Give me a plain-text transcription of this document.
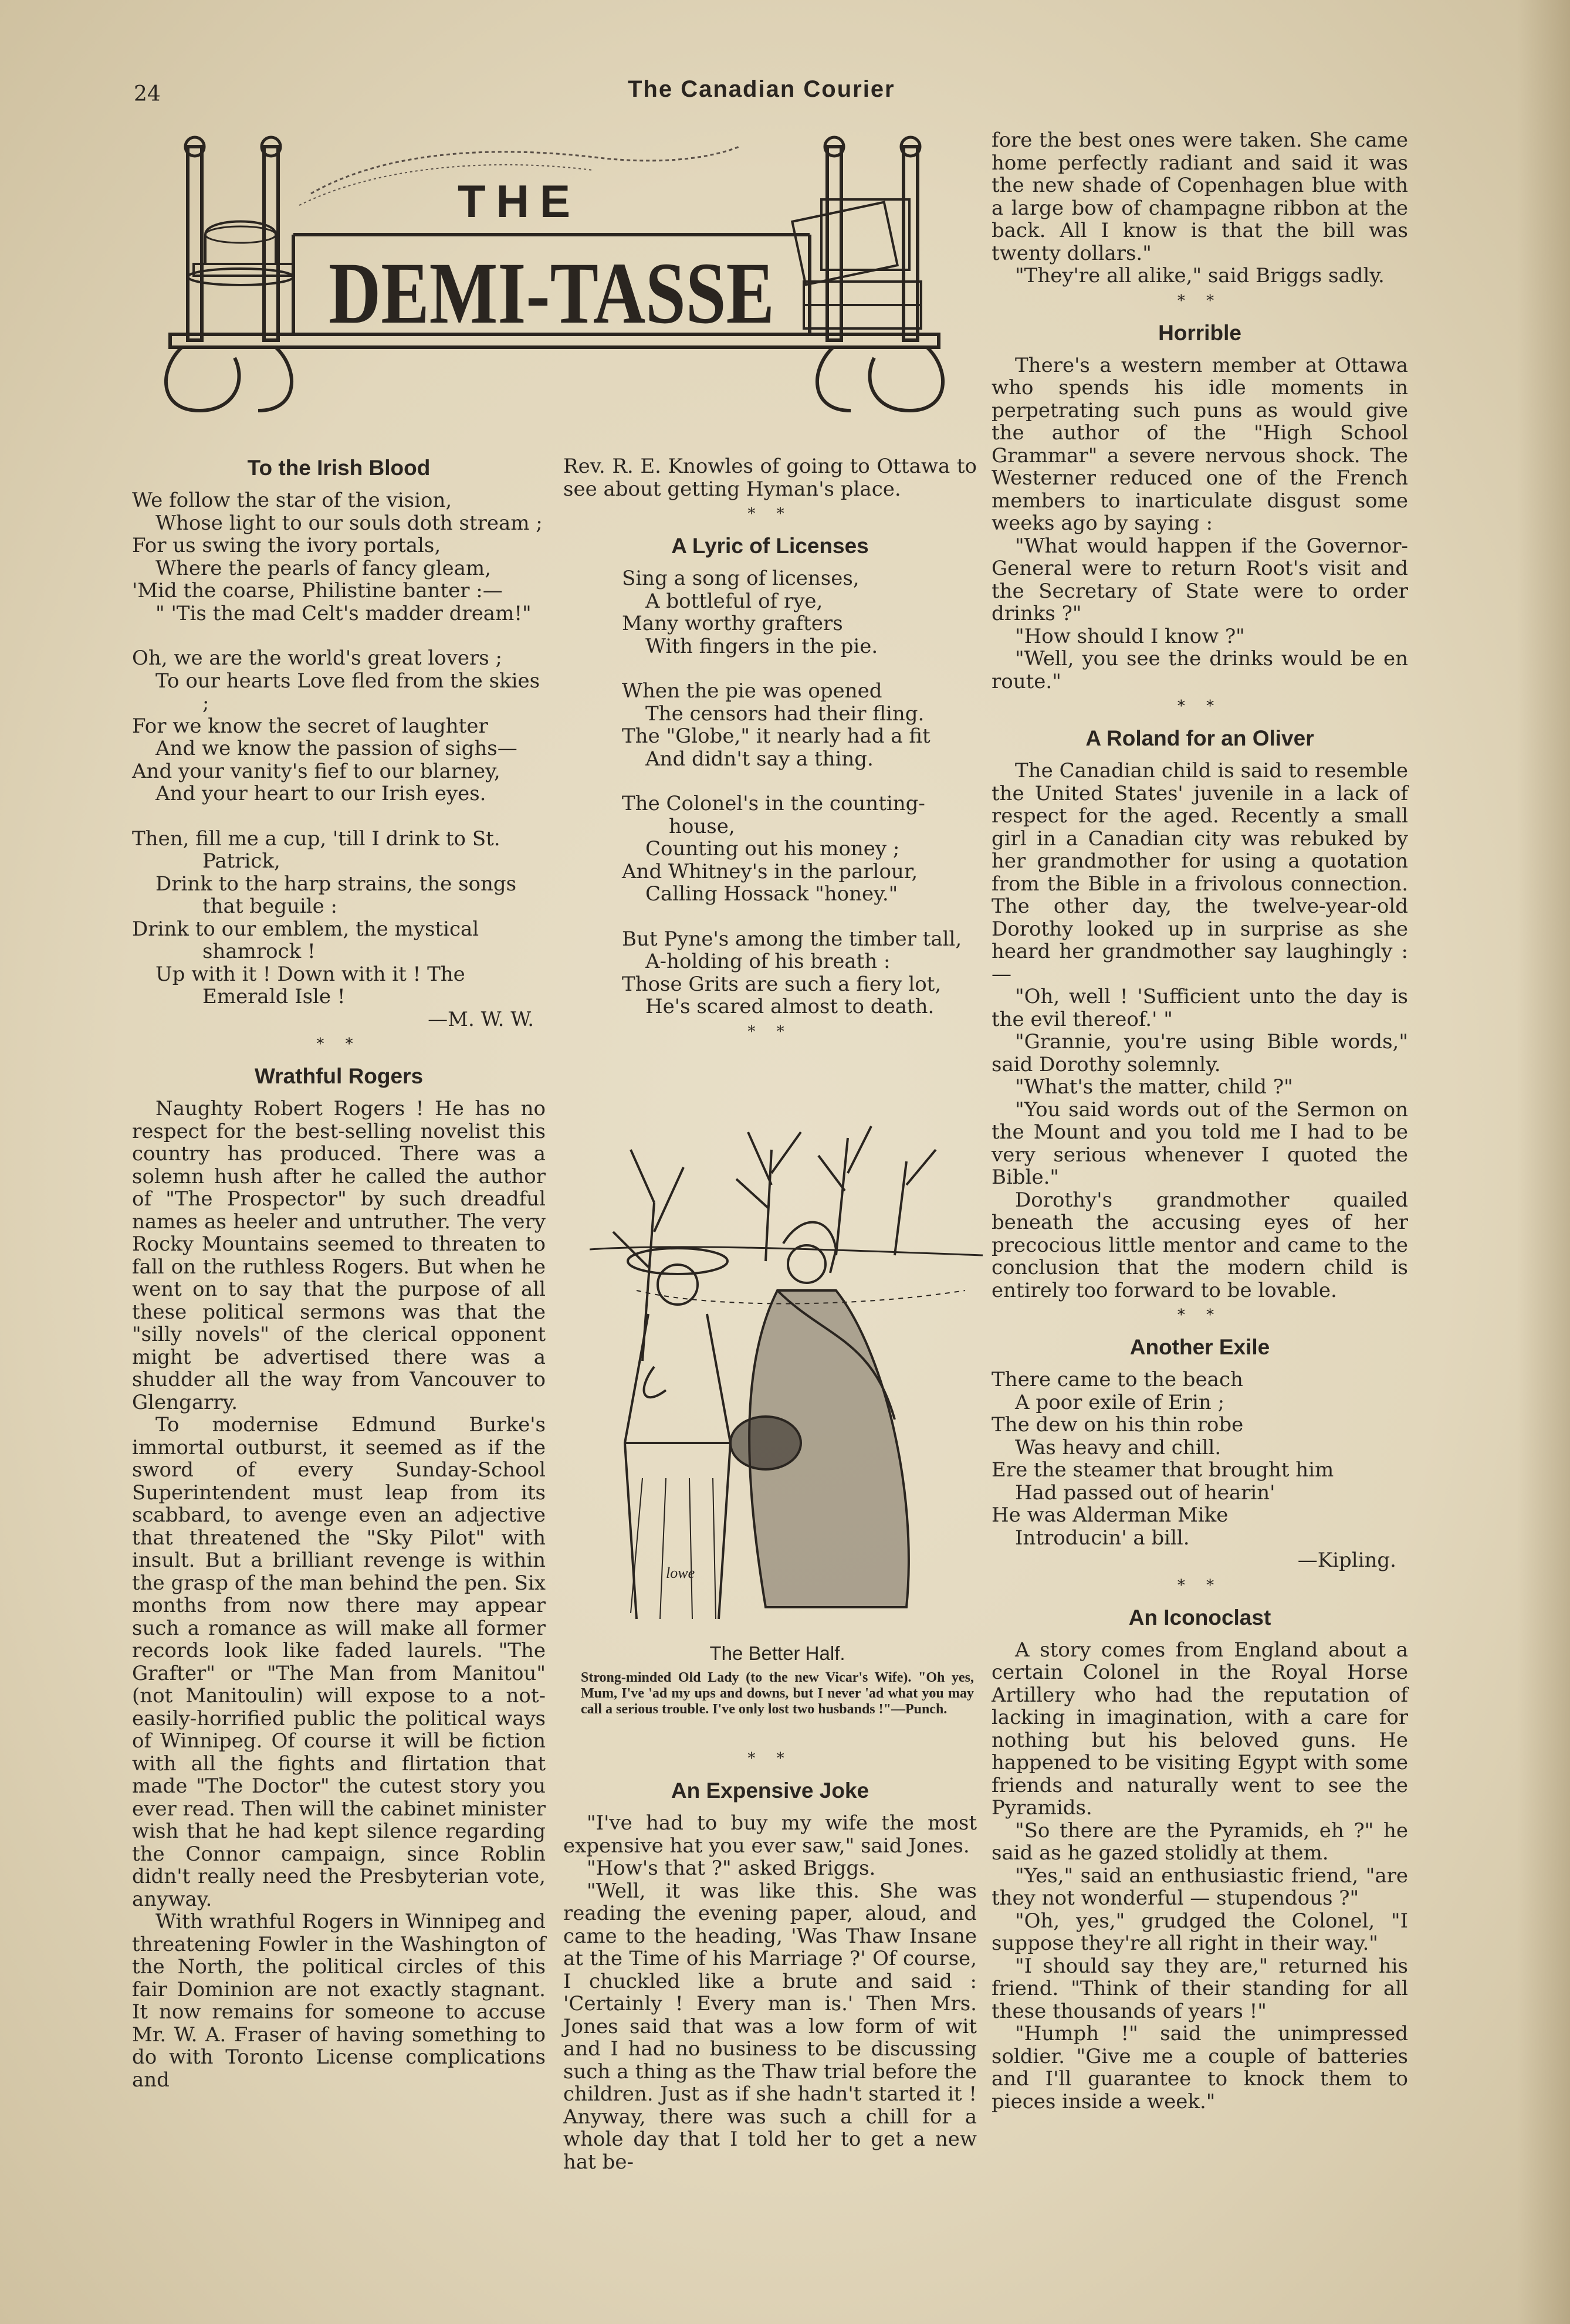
24	The Canadian Courier
THE
DEMI-TASSE
To the Irish Blood
We follow the star of the vision,
Whose light to our souls doth stream ;
For us swing the ivory portals,
Where the pearls of fancy gleam,
'Mid the coarse, Philistine banter :—
" 'Tis the mad Celt's madder dream!"
Oh, we are the world's great lovers ;
To our hearts Love fled from the skies ;
For we know the secret of laughter
And we know the passion of sighs—
And your vanity's fief to our blarney,
And your heart to our Irish eyes.
Then, fill me a cup, 'till I drink to St. Patrick,
Drink to the harp strains, the songs that beguile :
Drink to our emblem, the mystical shamrock !
Up with it ! Down with it ! The Emerald Isle !
—M. W. W.
* *
Wrathful Rogers

Naughty Robert Rogers ! He has no respect for the best-selling novelist this country has produced. There was a solemn hush after he called the author of "The Prospector" by such dreadful names as heeler and untruther. The very Rocky Mountains seemed to threaten to fall on the ruthless Rogers. But when he went on to say that the purpose of all these political sermons was that the "silly novels" of the clerical opponent might be advertised there was a shudder all the way from Vancouver to Glengarry.

To modernise Edmund Burke's immortal outburst, it seemed as if the sword of every Sunday-School Superintendent must leap from its scabbard, to avenge even an adjective that threatened the "Sky Pilot" with insult. But a brilliant revenge is within the grasp of the man behind the pen. Six months from now there may appear such a romance as will make all former records look like faded laurels. "The Grafter" or "The Man from Manitou" (not Manitoulin) will expose to a not-easily-horrified public the political ways of Winnipeg. Of course it will be fiction with all the fights and flirtation that made "The Doctor" the cutest story you ever read. Then will the cabinet minister wish that he had kept silence regarding the Connor campaign, since Roblin didn't really need the Presbyterian vote, anyway.

With wrathful Rogers in Winnipeg and threatening Fowler in the Washington of the North, the political circles of this fair Dominion are not exactly stagnant. It now remains for someone to accuse Mr. W. A. Fraser of having something to do with Toronto License complications and

Rev. R. E. Knowles of going to Ottawa to see about getting Hyman's place.

* *
A Lyric of Licenses
Sing a song of licenses,
A bottleful of rye,
Many worthy grafters
With fingers in the pie.
When the pie was opened
The censors had their fling.
The "Globe," it nearly had a fit
And didn't say a thing.
The Colonel's in the counting-house,
Counting out his money ;
And Whitney's in the parlour,
Calling Hossack "honey."
But Pyne's among the timber tall,
A-holding of his breath :
Those Grits are such a fiery lot,
He's scared almost to death.
* *
lowe
The Better Half.
Strong-minded Old Lady (to the new Vicar's Wife). "Oh yes, Mum, I've 'ad my ups and downs, but I never 'ad what you may call a serious trouble. I've only lost two husbands !"—Punch.
* *
An Expensive Joke

"I've had to buy my wife the most expensive hat you ever saw," said Jones.

"How's that ?" asked Briggs.

"Well, it was like this. She was reading the evening paper, aloud, and came to the heading, 'Was Thaw Insane at the Time of his Marriage ?' Of course, I chuckled like a brute and said : 'Certainly ! Every man is.' Then Mrs. Jones said that was a low form of wit and I had no business to be discussing such a thing as the Thaw trial before the children. Just as if she hadn't started it ! Anyway, there was such a chill for a whole day that I told her to get a new hat be-

fore the best ones were taken. She came home perfectly radiant and said it was the new shade of Copenhagen blue with a large bow of champagne ribbon at the back. All I know is that the bill was twenty dollars."

"They're all alike," said Briggs sadly.

* *
Horrible

There's a western member at Ottawa who spends his idle moments in perpetrating such puns as would give the author of the "High School Grammar" a severe nervous shock. The Westerner reduced one of the French members to inarticulate disgust some weeks ago by saying :

"What would happen if the Governor-General were to return Root's visit and the Secretary of State were to order drinks ?"

"How should I know ?"

"Well, you see the drinks would be en route."

* *
A Roland for an Oliver

The Canadian child is said to resemble the United States' juvenile in a lack of respect for the aged. Recently a small girl in a Canadian city was rebuked by her grandmother for using a quotation from the Bible in a frivolous connection. The other day, the twelve-year-old Dorothy looked up in surprise as she heard her grandmother say laughingly :—

"Oh, well ! 'Sufficient unto the day is the evil thereof.' "

"Grannie, you're using Bible words," said Dorothy solemnly.

"What's the matter, child ?"

"You said words out of the Sermon on the Mount and you told me I had to be very serious whenever I quoted the Bible."

Dorothy's grandmother quailed beneath the accusing eyes of her precocious little mentor and came to the conclusion that the modern child is entirely too forward to be lovable.

* *
Another Exile
There came to the beach
A poor exile of Erin ;
The dew on his thin robe
Was heavy and chill.
Ere the steamer that brought him
Had passed out of hearin'
He was Alderman Mike
Introducin' a bill.
—Kipling.
* *
An Iconoclast

A story comes from England about a certain Colonel in the Royal Horse Artillery who had the reputation of lacking in imagination, with a care for nothing but his beloved guns. He happened to be visiting Egypt with some friends and naturally went to see the Pyramids.

"So there are the Pyramids, eh ?" he said as he gazed stolidly at them.

"Yes," said an enthusiastic friend, "are they not wonderful — stupendous ?"

"Oh, yes," grudged the Colonel, "I suppose they're all right in their way."

"I should say they are," returned his friend. "Think of their standing for all these thousands of years !"

"Humph !" said the unimpressed soldier. "Give me a couple of batteries and I'll guarantee to knock them to pieces inside a week."
